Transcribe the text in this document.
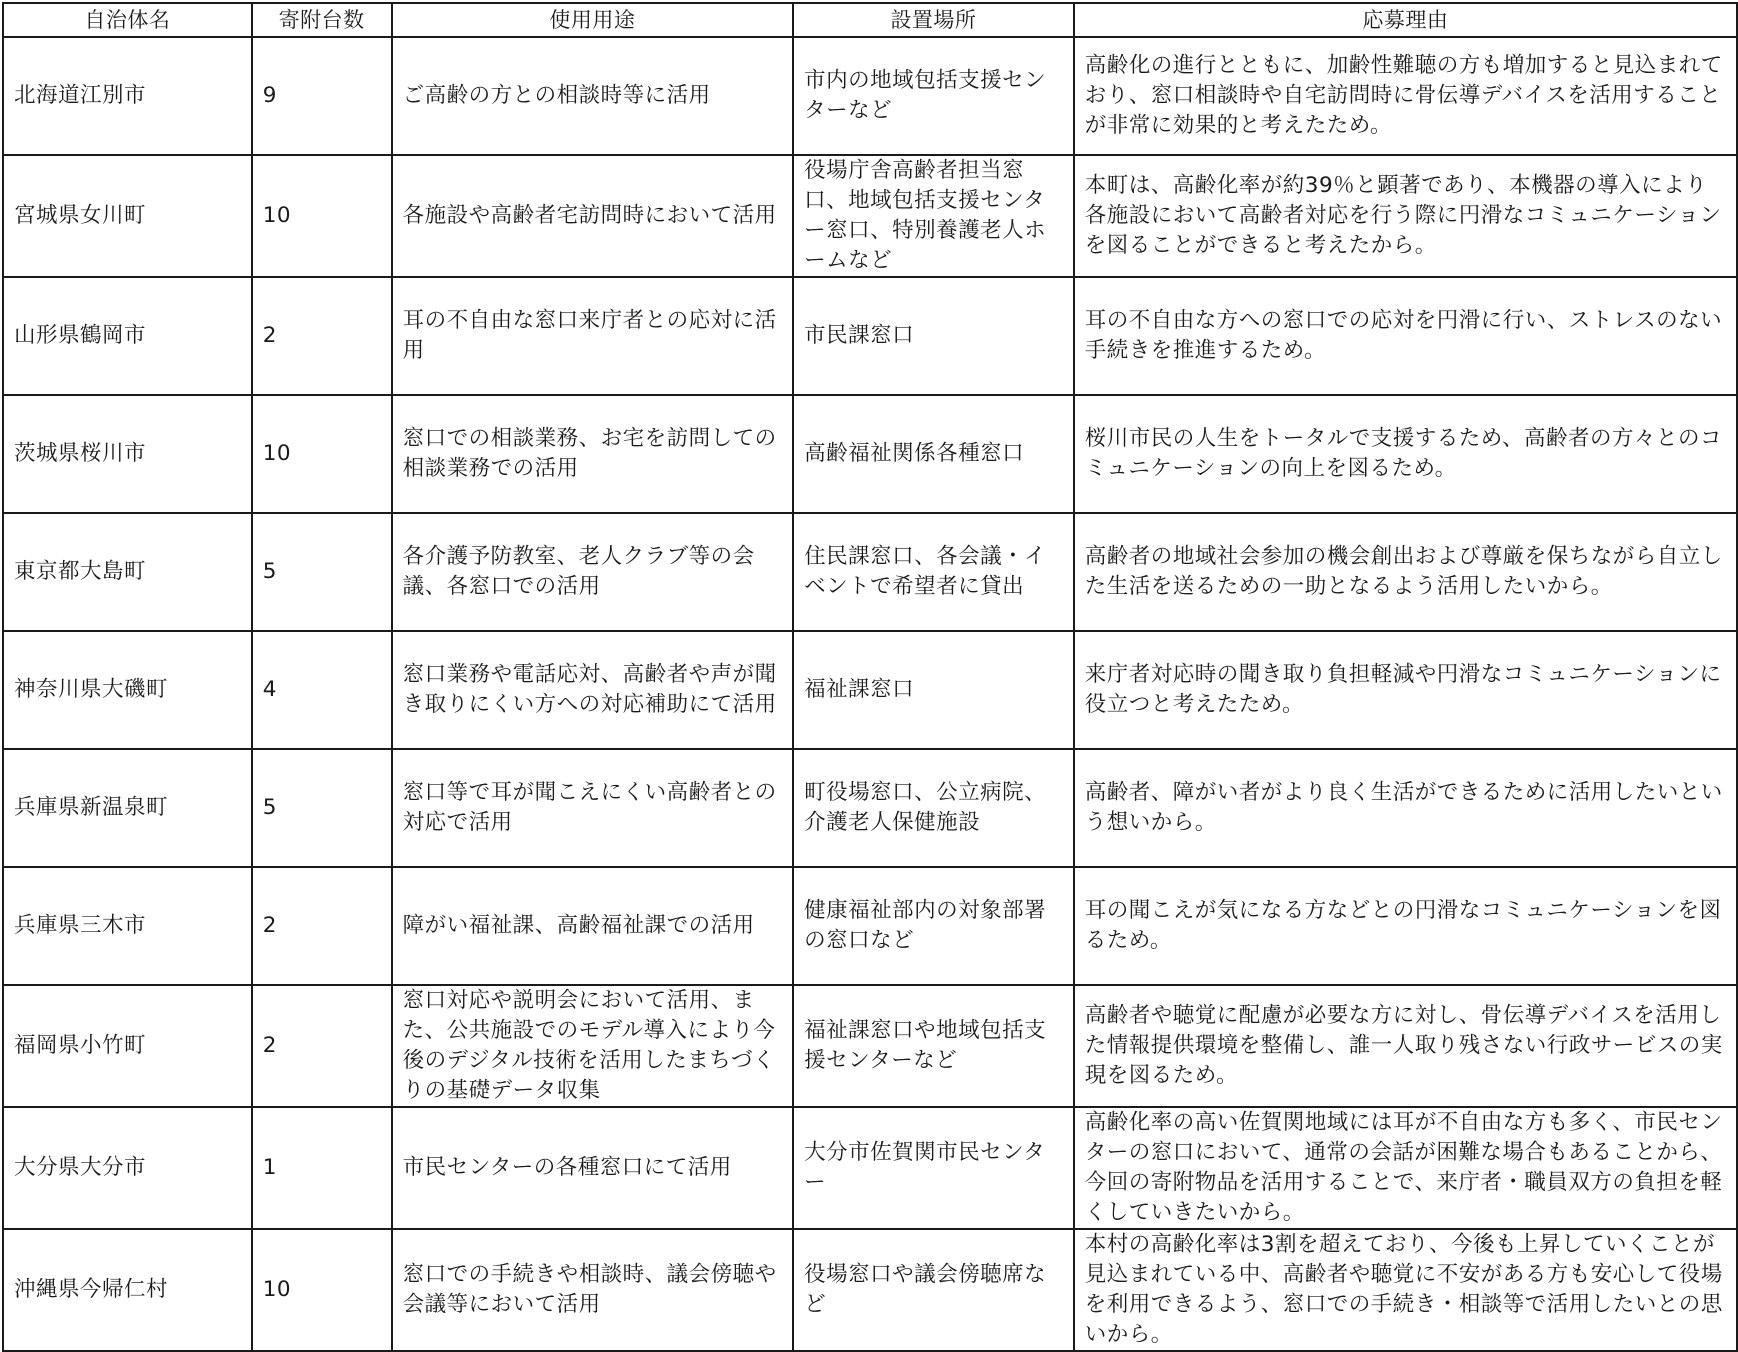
自治体名	寄附台数	使用用途	設置場所	応募理由
北海道江別市	9	ご高齢の方との相談時等に活用	市内の地域包括支援センターなど	高齢化の進行とともに、加齢性難聴の方も増加すると見込まれており、窓口相談時や自宅訪問時に骨伝導デバイスを活用することが非常に効果的と考えたため。
宮城県女川町	10	各施設や高齢者宅訪問時において活用	役場庁舎高齢者担当窓口、地域包括支援センター窓口、特別養護老人ホームなど	本町は、高齢化率が約39％と顕著であり、本機器の導入により各施設において高齢者対応を行う際に円滑なコミュニケーションを図ることができると考えたから。
山形県鶴岡市	2	耳の不自由な窓口来庁者との応対に活用	市民課窓口	耳の不自由な方への窓口での応対を円滑に行い、ストレスのない手続きを推進するため。
茨城県桜川市	10	窓口での相談業務、お宅を訪問しての相談業務での活用	高齢福祉関係各種窓口	桜川市民の人生をトータルで支援するため、高齢者の方々とのコミュニケーションの向上を図るため。
東京都大島町	5	各介護予防教室、老人クラブ等の会議、各窓口での活用	住民課窓口、各会議・イベントで希望者に貸出	高齢者の地域社会参加の機会創出および尊厳を保ちながら自立した生活を送るための一助となるよう活用したいから。
神奈川県大磯町	4	窓口業務や電話応対、高齢者や声が聞き取りにくい方への対応補助にて活用	福祉課窓口	来庁者対応時の聞き取り負担軽減や円滑なコミュニケーションに役立つと考えたため。
兵庫県新温泉町	5	窓口等で耳が聞こえにくい高齢者との対応で活用	町役場窓口、公立病院、介護老人保健施設	高齢者、障がい者がより良く生活ができるために活用したいという想いから。
兵庫県三木市	2	障がい福祉課、高齢福祉課での活用	健康福祉部内の対象部署の窓口など	耳の聞こえが気になる方などとの円滑なコミュニケーションを図るため。
福岡県小竹町	2	窓口対応や説明会において活用、また、公共施設でのモデル導入により今後のデジタル技術を活用したまちづくりの基礎データ収集	福祉課窓口や地域包括支援センターなど	高齢者や聴覚に配慮が必要な方に対し、骨伝導デバイスを活用した情報提供環境を整備し、誰一人取り残さない行政サービスの実現を図るため。
大分県大分市	1	市民センターの各種窓口にて活用	大分市佐賀関市民センター	高齢化率の高い佐賀関地域には耳が不自由な方も多く、市民センターの窓口において、通常の会話が困難な場合もあることから、今回の寄附物品を活用することで、来庁者・職員双方の負担を軽くしていきたいから。
沖縄県今帰仁村	10	窓口での手続きや相談時、議会傍聴や会議等において活用	役場窓口や議会傍聴席など	本村の高齢化率は3割を超えており、今後も上昇していくことが見込まれている中、高齢者や聴覚に不安がある方も安心して役場を利用できるよう、窓口での手続き・相談等で活用したいとの思いから。
